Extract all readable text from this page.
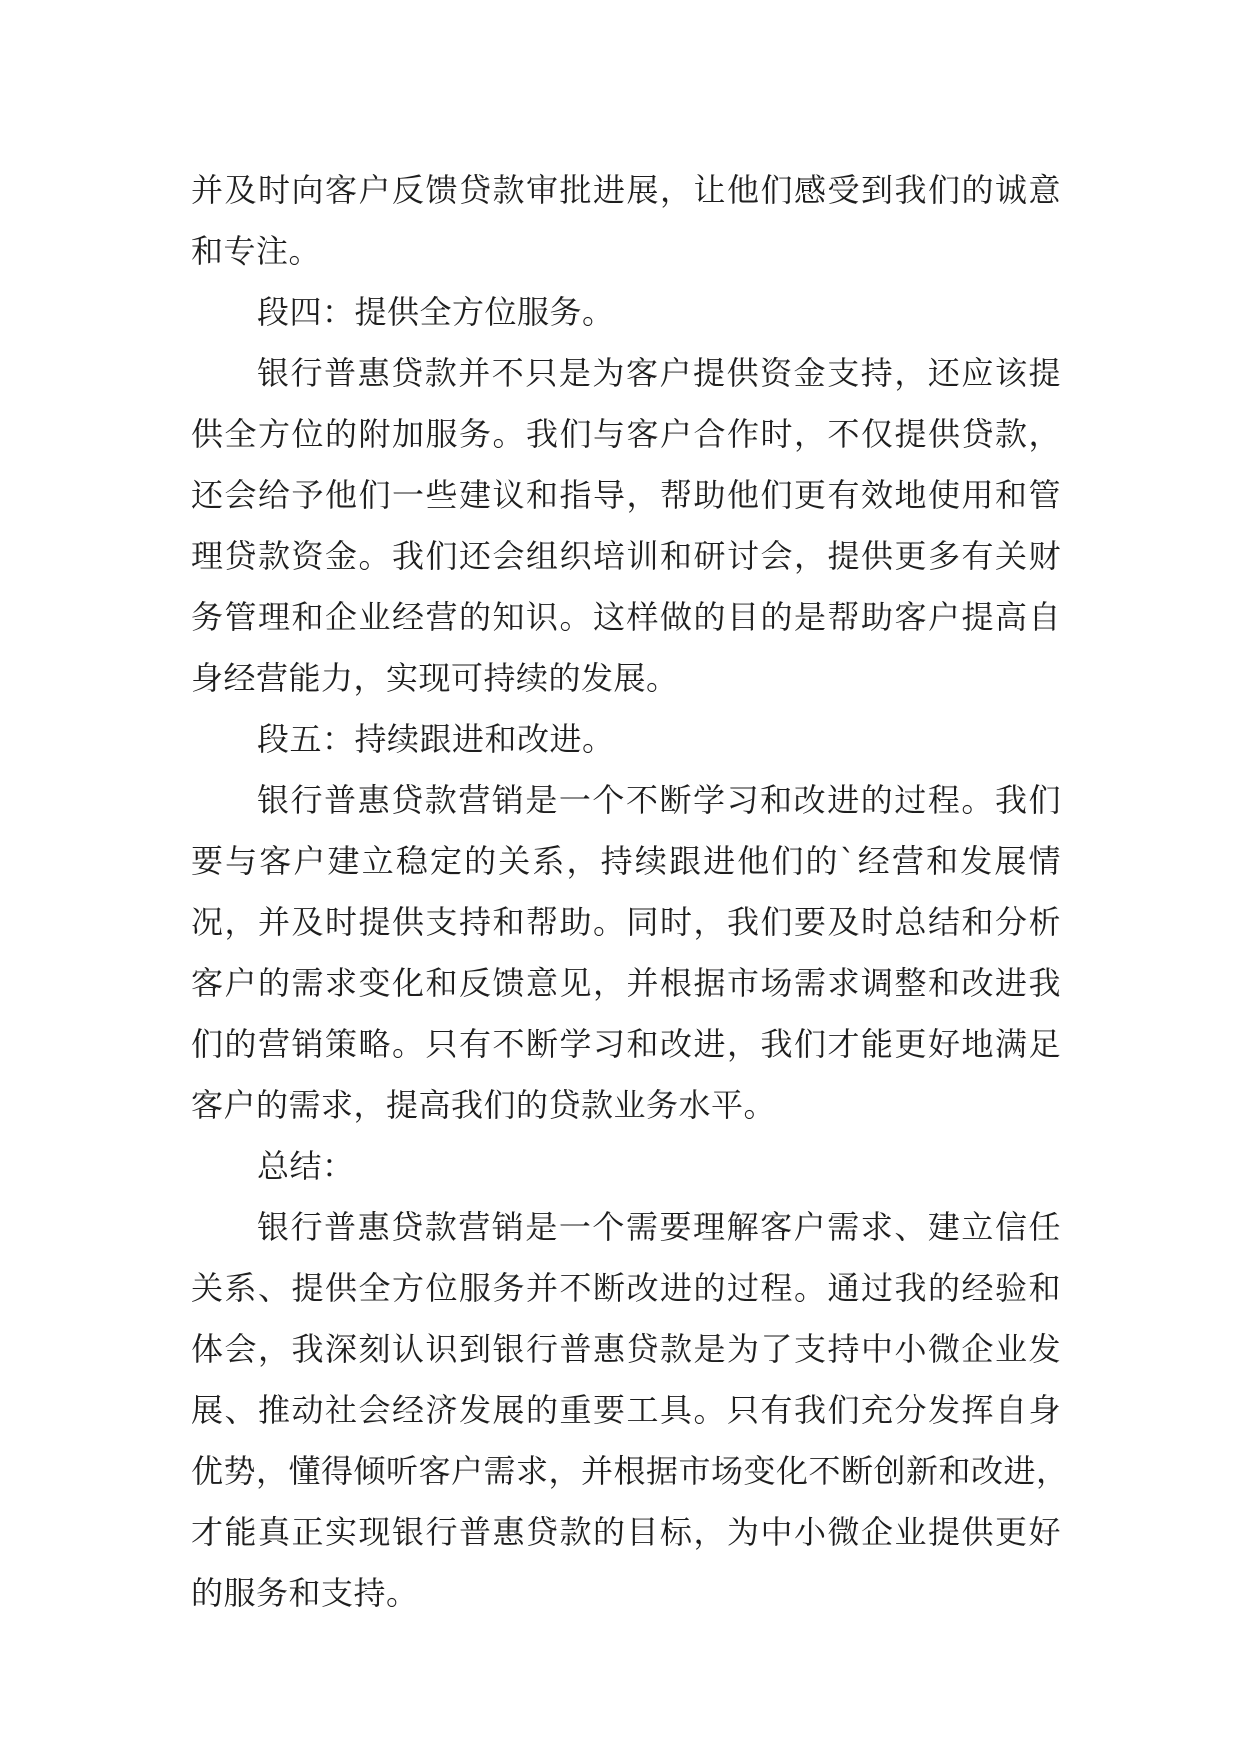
并及时向客户反馈贷款审批进展，让他们感受到我们的诚意
和专注。
段四：提供全方位服务。
银行普惠贷款并不只是为客户提供资金支持，还应该提
供全方位的附加服务。我们与客户合作时，不仅提供贷款，
还会给予他们一些建议和指导，帮助他们更有效地使用和管
理贷款资金。我们还会组织培训和研讨会，提供更多有关财
务管理和企业经营的知识。这样做的目的是帮助客户提高自
身经营能力，实现可持续的发展。
段五：持续跟进和改进。
银行普惠贷款营销是一个不断学习和改进的过程。我们
要与客户建立稳定的关系，持续跟进他们的`经营和发展情
况，并及时提供支持和帮助。同时，我们要及时总结和分析
客户的需求变化和反馈意见，并根据市场需求调整和改进我
们的营销策略。只有不断学习和改进，我们才能更好地满足
客户的需求，提高我们的贷款业务水平。
总结：
银行普惠贷款营销是一个需要理解客户需求、建立信任
关系、提供全方位服务并不断改进的过程。通过我的经验和
体会，我深刻认识到银行普惠贷款是为了支持中小微企业发
展、推动社会经济发展的重要工具。只有我们充分发挥自身
优势，懂得倾听客户需求，并根据市场变化不断创新和改进，
才能真正实现银行普惠贷款的目标，为中小微企业提供更好
的服务和支持。
